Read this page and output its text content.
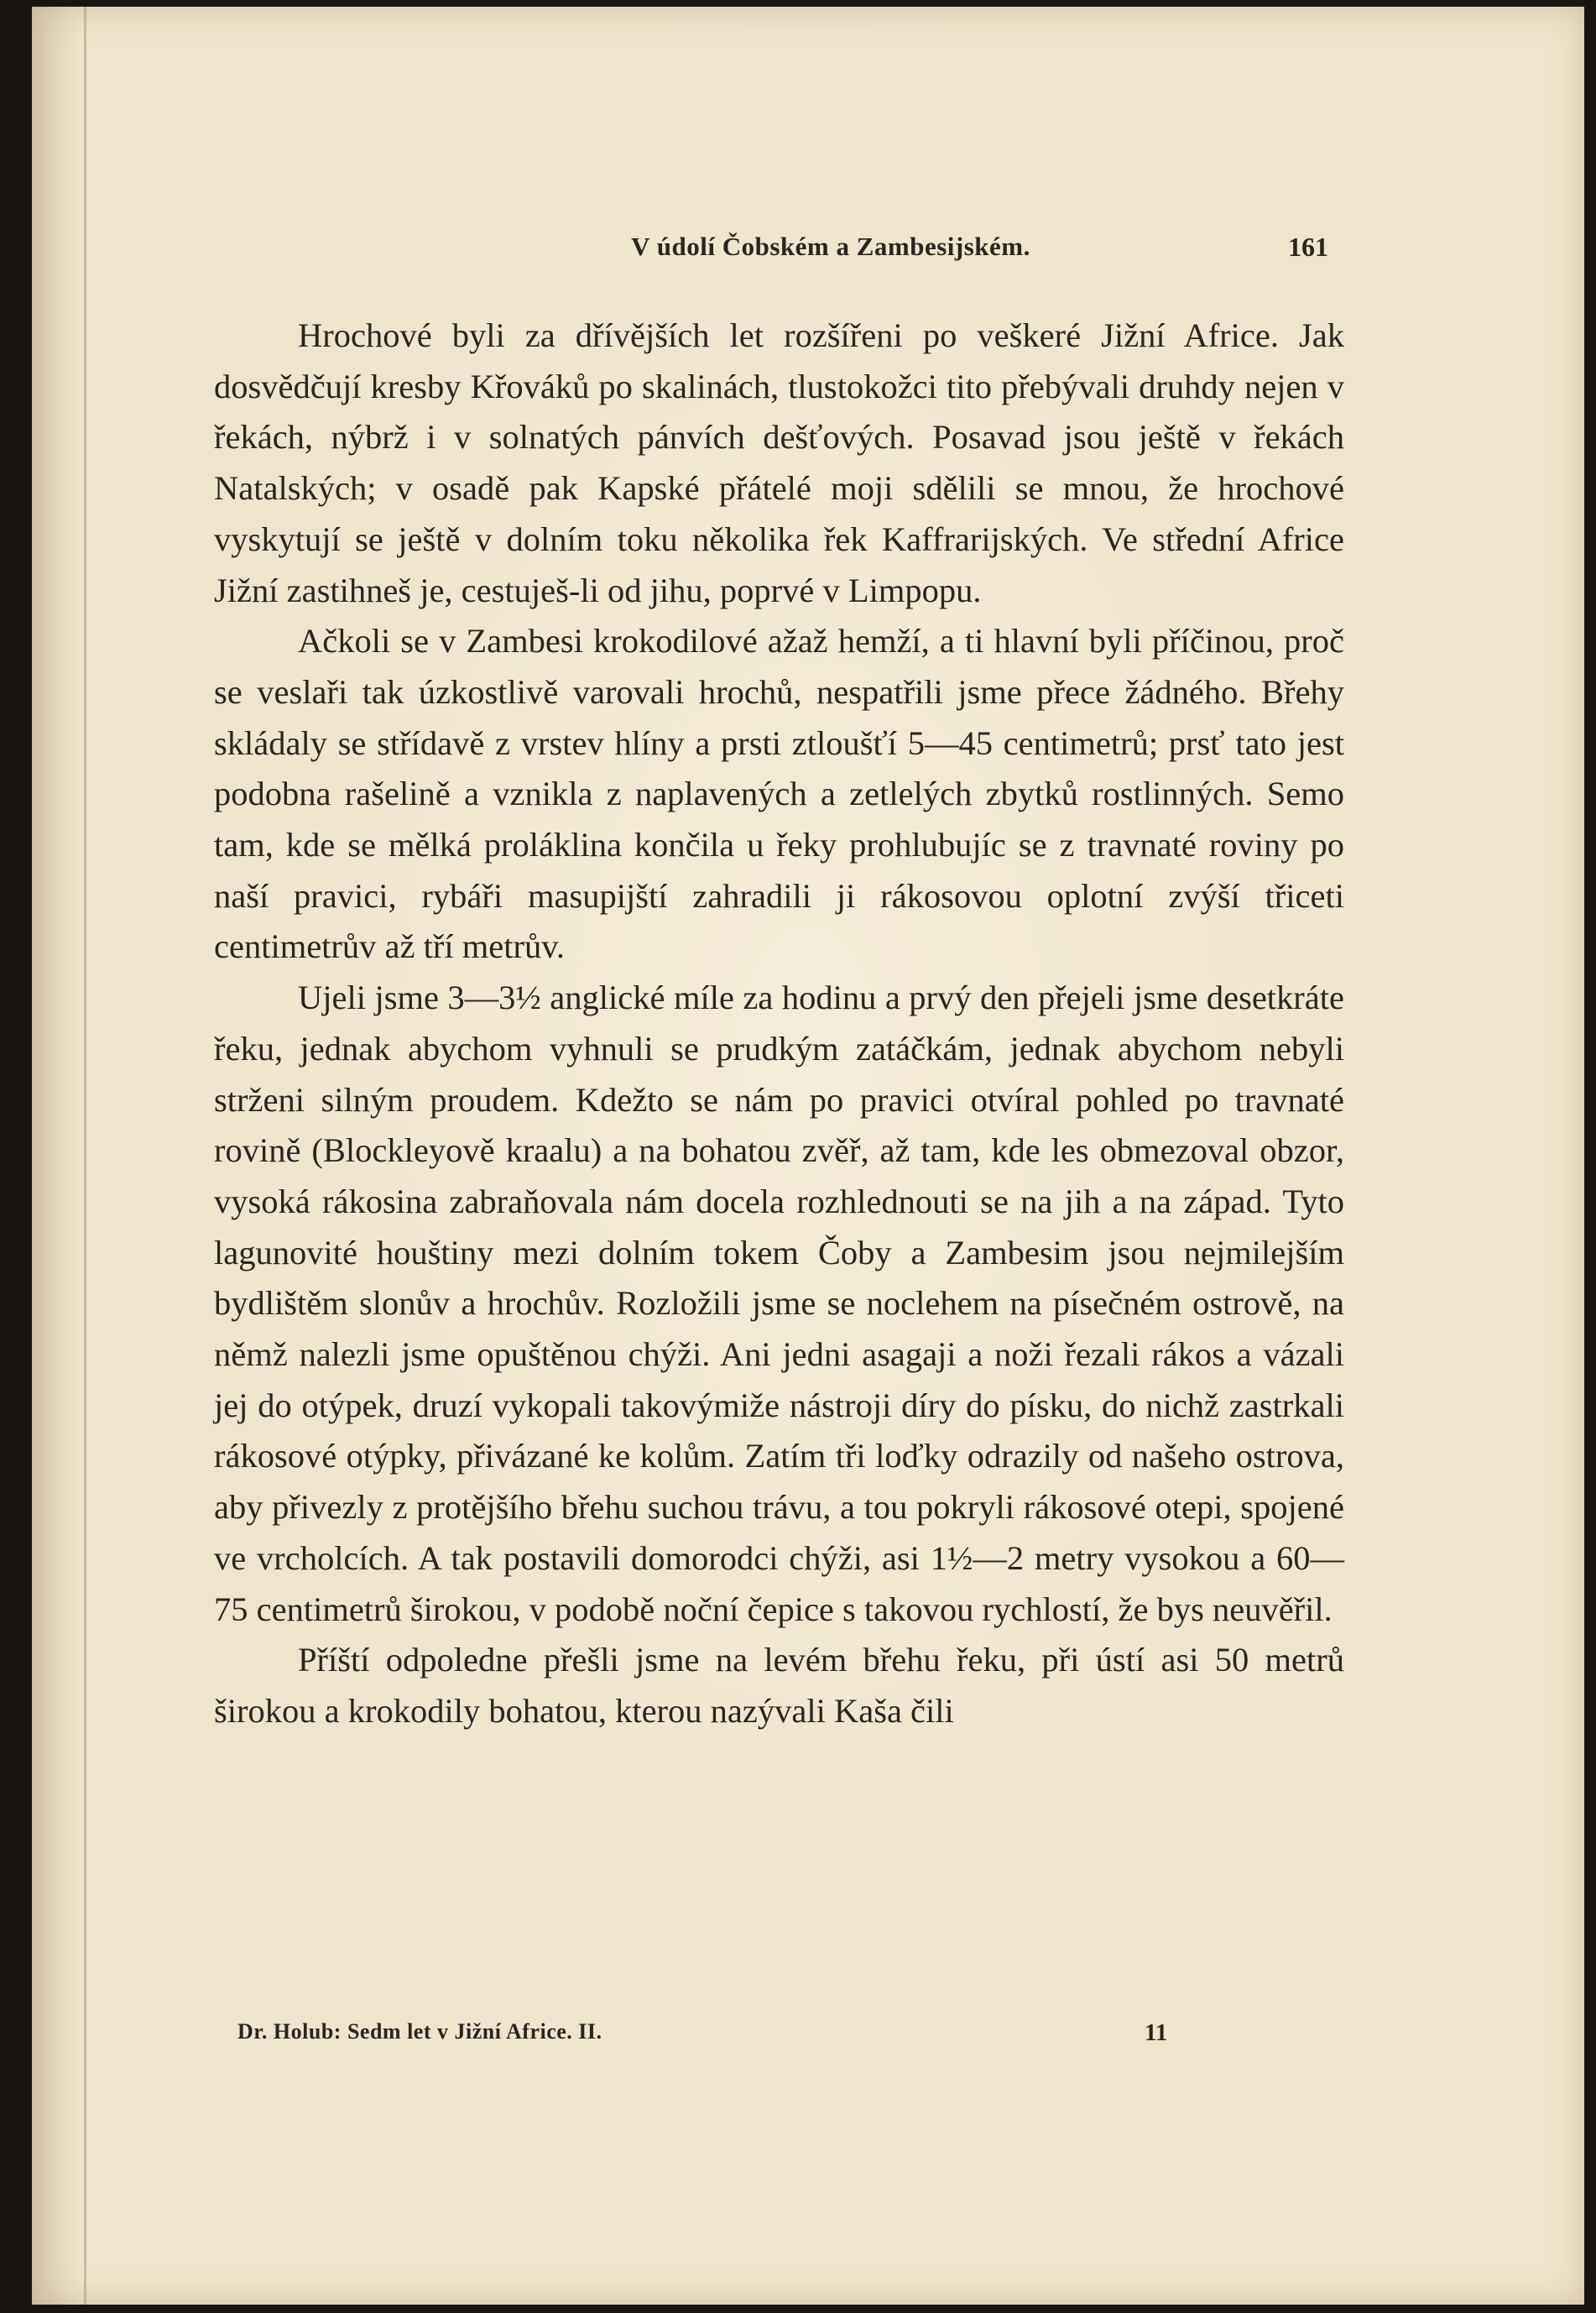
V údolí Čobském a Zambesijském.	161

Hrochové byli za dřívějších let rozšířeni po veškeré Jižní Africe. Jak dosvědčují kresby Křováků po skalinách, tlustokožci tito přebývali druhdy nejen v řekách, nýbrž i v solnatých pánvích dešťových. Posavad jsou ještě v řekách Natalských; v osadě pak Kapské přátelé moji sdělili se mnou, že hrochové vyskytují se ještě v dolním toku několika řek Kaffrarijských. Ve střední Africe Jižní zastihneš je, cestuješ-li od jihu, poprvé v Limpopu.

Ačkoli se v Zambesi krokodilové ažaž hemží, a ti hlavní byli příčinou, proč se veslaři tak úzkostlivě varovali hrochů, nespatřili jsme přece žádného. Břehy skládaly se střídavě z vrstev hlíny a prsti ztloušťí 5—45 centimetrů; prsť tato jest podobna rašelině a vznikla z naplavených a zetlelých zbytků rostlinných. Semo tam, kde se mělká proláklina končila u řeky prohlubujíc se z travnaté roviny po naší pravici, rybáři masupijští zahradili ji rákosovou oplotní zvýší třiceti centimetrův až tří metrův.

Ujeli jsme 3—3½ anglické míle za hodinu a prvý den přejeli jsme desetkráte řeku, jednak abychom vyhnuli se prudkým zatáčkám, jednak abychom nebyli strženi silným proudem. Kdežto se nám po pravici otvíral pohled po travnaté rovině (Blockleyově kraalu) a na bohatou zvěř, až tam, kde les obmezoval obzor, vysoká rákosina zabraňovala nám docela rozhlednouti se na jih a na západ. Tyto lagunovité houštiny mezi dolním tokem Čoby a Zambesim jsou nejmilejším bydlištěm slonův a hrochův. Rozložili jsme se noclehem na písečném ostrově, na němž nalezli jsme opuštěnou chýži. Ani jedni asagaji a noži řezali rákos a vázali jej do otýpek, druzí vykopali takovýmiže nástroji díry do písku, do nichž zastrkali rákosové otýpky, přivázané ke kolům. Zatím tři loďky odrazily od našeho ostrova, aby přivezly z protějšího břehu suchou trávu, a tou pokryli rákosové otepi, spojené ve vrcholcích. A tak postavili domorodci chýži, asi 1½—2 metry vysokou a 60—75 centimetrů širokou, v podobě noční čepice s takovou rychlostí, že bys neuvěřil.

Příští odpoledne přešli jsme na levém břehu řeku, při ústí asi 50 metrů širokou a krokodily bohatou, kterou nazývali Kaša čili

Dr. Holub: Sedm let v Jižní Africe. II.	11
